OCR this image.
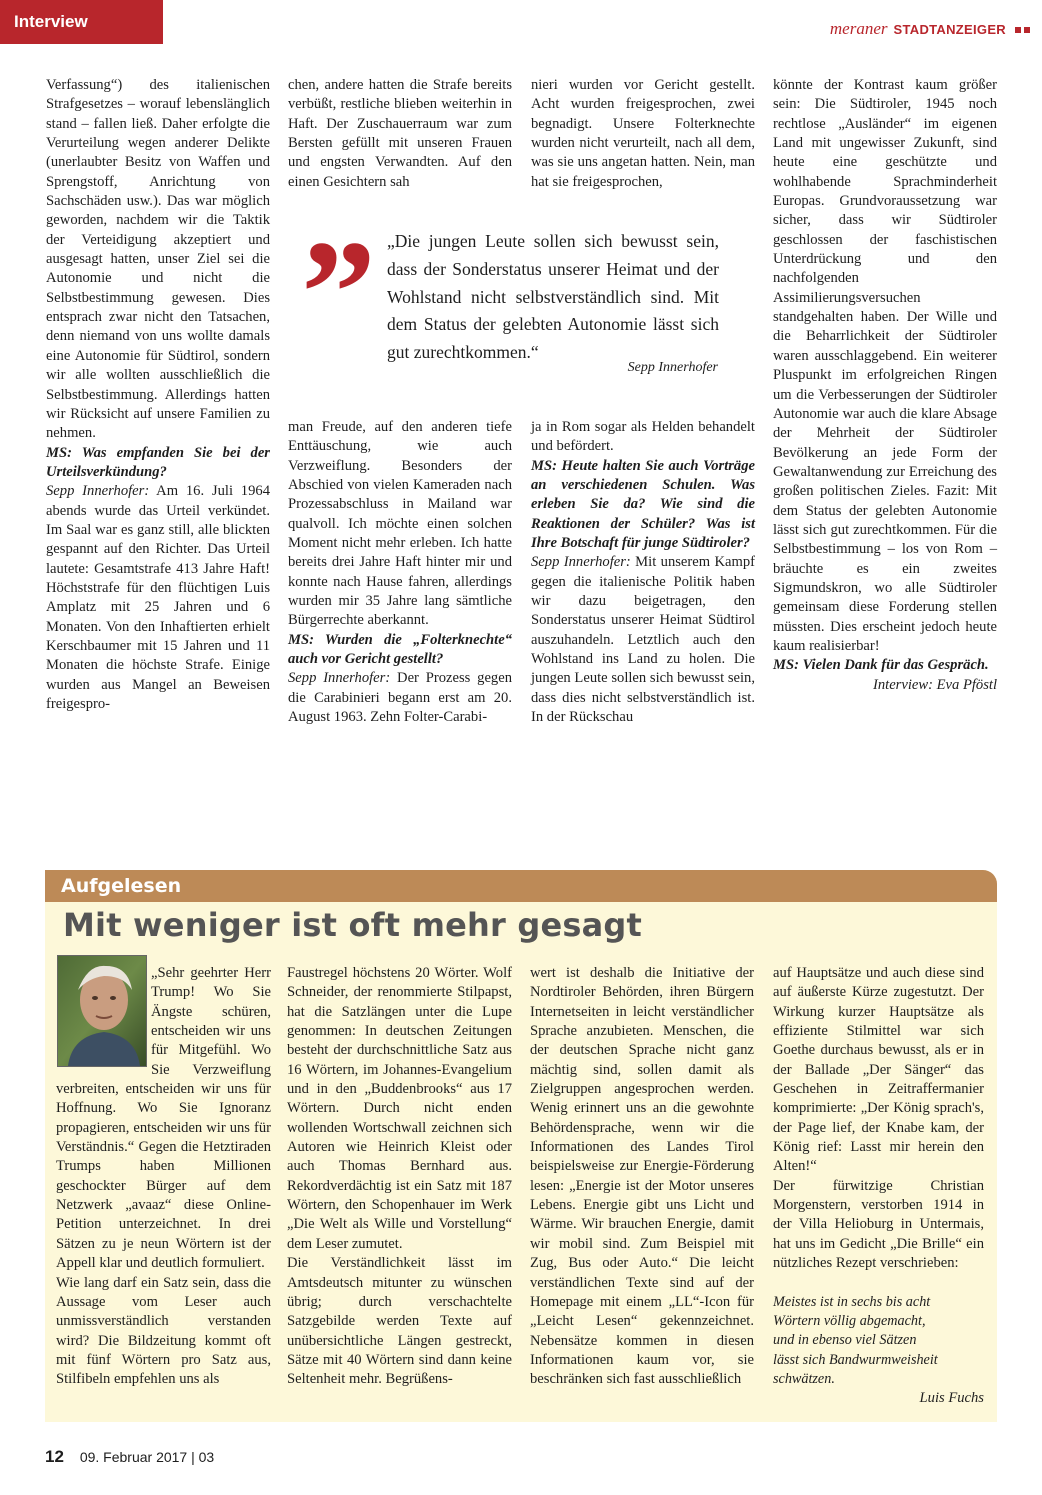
Interview	meraner STADTANZEIGER

Verfassung“) des italienischen Strafgesetzes – worauf lebenslänglich stand – fallen ließ. Daher erfolgte die Verurteilung wegen anderer Delikte (unerlaubter Besitz von Waffen und Sprengstoff, Anrichtung von Sachschäden usw.). Das war möglich geworden, nachdem wir die Taktik der Verteidigung akzeptiert und ausgesagt hatten, unser Ziel sei die Autonomie und nicht die Selbstbestimmung gewesen. Dies entsprach zwar nicht den Tatsachen, denn niemand von uns wollte damals eine Autonomie für Südtirol, sondern wir alle wollten ausschließlich die Selbstbestimmung. Allerdings hatten wir Rücksicht auf unsere Familien zu nehmen.

MS: Was empfanden Sie bei der Urteilsverkündung?

Sepp Innerhofer: Am 16. Juli 1964 abends wurde das Urteil verkündet. Im Saal war es ganz still, alle blickten gespannt auf den Richter. Das Urteil lautete: Gesamtstrafe 413 Jahre Haft! Höchststrafe für den flüchtigen Luis Amplatz mit 25 Jahren und 6 Monaten. Von den Inhaftierten erhielt Kerschbaumer mit 15 Jahren und 11 Monaten die höchste Strafe. Einige wurden aus Mangel an Beweisen freigespro-

chen, andere hatten die Strafe bereits verbüßt, restliche blieben weiterhin in Haft. Der Zuschauerraum war zum Bersten gefüllt mit unseren Frauen und engsten Verwandten. Auf den einen Gesichtern sah

man Freude, auf den anderen tiefe Enttäuschung, wie auch Verzweiflung. Besonders der Abschied von vielen Kameraden nach Prozessabschluss in Mailand war qualvoll. Ich möchte einen solchen Moment nicht mehr erleben. Ich hatte bereits drei Jahre Haft hinter mir und konnte nach Hause fahren, allerdings wurden mir 35 Jahre lang sämtliche Bürgerrechte aberkannt.

MS: Wurden die „Folterknechte“ auch vor Gericht gestellt?

Sepp Innerhofer: Der Prozess gegen die Carabinieri begann erst am 20. August 1963. Zehn Folter-Carabi-

nieri wurden vor Gericht gestellt. Acht wurden freigesprochen, zwei begnadigt. Unsere Folterknechte wurden nicht verurteilt, nach all dem, was sie uns angetan hatten. Nein, man hat sie freigesprochen,

ja in Rom sogar als Helden behandelt und befördert.

MS: Heute halten Sie auch Vorträge an verschiedenen Schulen. Was erleben Sie da? Wie sind die Reaktionen der Schüler? Was ist Ihre Botschaft für junge Südtiroler?

Sepp Innerhofer: Mit unserem Kampf gegen die italienische Politik haben wir dazu beigetragen, den Sonderstatus unserer Heimat Südtirol auszuhandeln. Letztlich auch den Wohlstand ins Land zu holen. Die jungen Leute sollen sich bewusst sein, dass dies nicht selbstverständlich ist. In der Rückschau

könnte der Kontrast kaum größer sein: Die Südtiroler, 1945 noch rechtlose „Ausländer“ im eigenen Land mit ungewisser Zukunft, sind heute eine geschützte und wohlhabende Sprachminderheit Europas. Grundvoraussetzung war sicher, dass wir Südtiroler geschlossen der faschistischen Unterdrückung und den nachfolgenden Assimilierungsversuchen standgehalten haben. Der Wille und die Beharrlichkeit der Südtiroler waren ausschlaggebend. Ein weiterer Pluspunkt im erfolgreichen Ringen um die Verbesserungen der Südtiroler Autonomie war auch die klare Absage der Mehrheit der Südtiroler Bevölkerung an jede Form der Gewaltanwendung zur Erreichung des großen politischen Zieles. Fazit: Mit dem Status der gelebten Autonomie lässt sich gut zurechtkommen. Für die Selbstbestimmung – los von Rom – bräuchte es ein zweites Sigmundskron, wo alle Südtiroler gemeinsam diese Forderung stellen müssten. Dies erscheint jedoch heute kaum realisierbar!

MS: Vielen Dank für das Gespräch.

Interview: Eva Pföstl

” „Die jungen Leute sollen sich bewusst sein, dass der Sonderstatus unserer Heimat und der Wohlstand nicht selbstverständlich sind. Mit dem Status der gelebten Autonomie lässt sich gut zurechtkommen.“
Sepp Innerhofer
Aufgelesen
Mit weniger ist oft mehr gesagt

„Sehr geehrter Herr Trump! Wo Sie Ängste schüren, entscheiden wir uns für Mitgefühl. Wo Sie Verzweiflung verbreiten, entscheiden wir uns für Hoffnung. Wo Sie Ignoranz propagieren, entscheiden wir uns für Verständnis.“ Gegen die Hetztiraden Trumps haben Millionen geschockter Bürger auf dem Netzwerk „avaaz“ diese Online-Petition unterzeichnet. In drei Sätzen zu je neun Wörtern ist der Appell klar und deutlich formuliert.

Wie lang darf ein Satz sein, dass die Aussage vom Leser auch unmissverständlich verstanden wird? Die Bildzeitung kommt oft mit fünf Wörtern pro Satz aus, Stilfibeln empfehlen uns als

Faustregel höchstens 20 Wörter. Wolf Schneider, der renommierte Stilpapst, hat die Satzlängen unter die Lupe genommen: In deutschen Zeitungen besteht der durchschnittliche Satz aus 16 Wörtern, im Johannes-Evangelium und in den „Buddenbrooks“ aus 17 Wörtern. Durch nicht enden wollenden Wortschwall zeichnen sich Autoren wie Heinrich Kleist oder auch Thomas Bernhard aus. Rekordverdächtig ist ein Satz mit 187 Wörtern, den Schopenhauer im Werk „Die Welt als Wille und Vorstellung“ dem Leser zumutet.

Die Verständlichkeit lässt im Amtsdeutsch mitunter zu wünschen übrig; durch verschachtelte Satzgebilde werden Texte auf unübersichtliche Längen gestreckt, Sätze mit 40 Wörtern sind dann keine Seltenheit mehr. Begrüßens-

wert ist deshalb die Initiative der Nordtiroler Behörden, ihren Bürgern Internetseiten in leicht verständlicher Sprache anzubieten. Menschen, die der deutschen Sprache nicht ganz mächtig sind, sollen damit als Zielgruppen angesprochen werden. Wenig erinnert uns an die gewohnte Behördensprache, wenn wir die Informationen des Landes Tirol beispielsweise zur Energie-Förderung lesen: „Energie ist der Motor unseres Lebens. Energie gibt uns Licht und Wärme. Wir brauchen Energie, damit wir mobil sind. Zum Beispiel mit Zug, Bus oder Auto.“ Die leicht verständlichen Texte sind auf der Homepage mit einem „LL“-Icon für „Leicht Lesen“ gekennzeichnet. Nebensätze kommen in diesen Informationen kaum vor, sie beschränken sich fast ausschließlich

auf Hauptsätze und auch diese sind auf äußerste Kürze zugestutzt. Der Wirkung kurzer Hauptsätze als effiziente Stilmittel war sich Goethe durchaus bewusst, als er in der Ballade „Der Sänger“ das Geschehen in Zeitraffermanier komprimierte: „Der König sprach's, der Page lief, der Knabe kam, der König rief: Lasst mir herein den Alten!“

Der fürwitzige Christian Morgenstern, verstorben 1914 in der Villa Helioburg in Untermais, hat uns im Gedicht „Die Brille“ ein nützliches Rezept verschrieben:

Meistes ist in sechs bis acht
Wörtern völlig abgemacht,
und in ebenso viel Sätzen
lässt sich Bandwurmweisheit
schwätzen.

Luis Fuchs

12 09. Februar 2017 | 03
